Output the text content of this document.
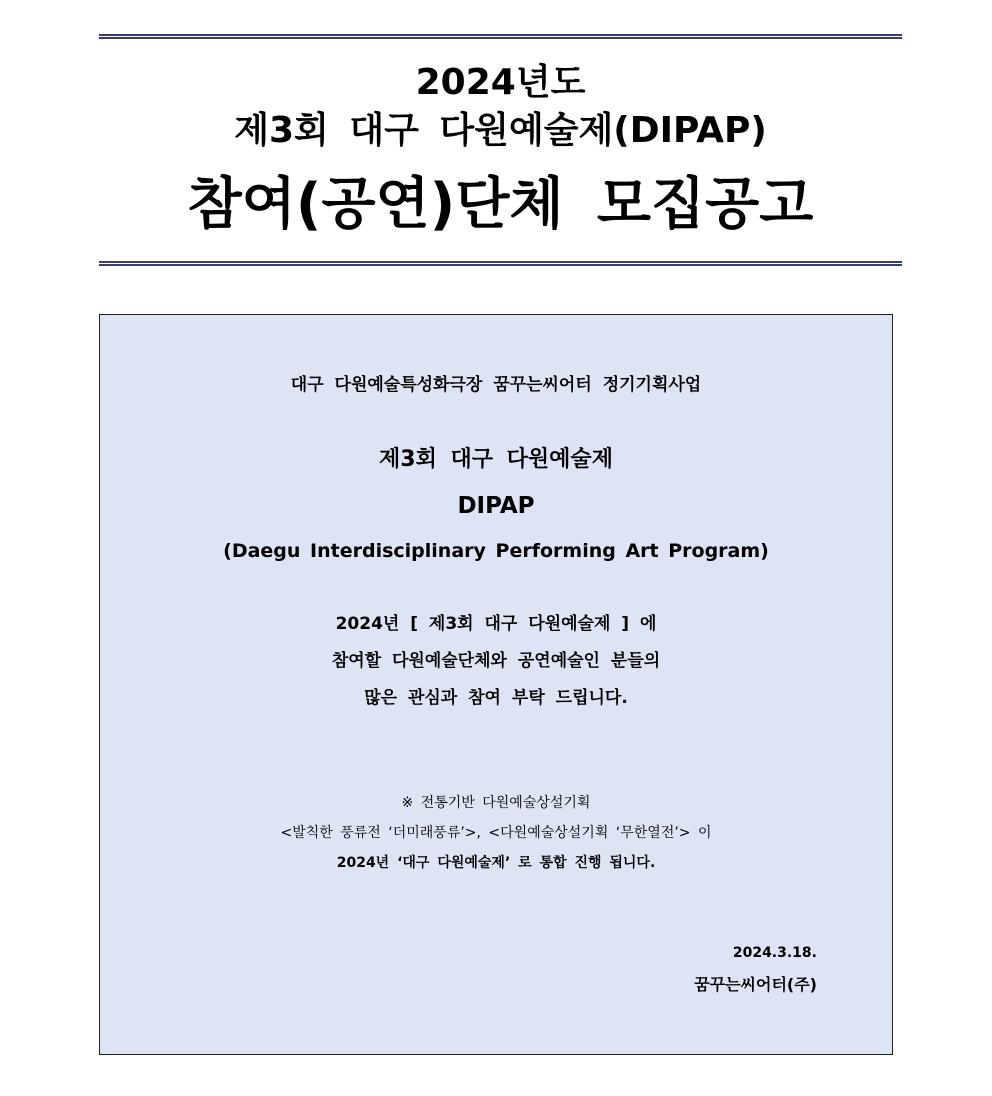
2024년도
제3회 대구 다원예술제(DIPAP)
참여(공연)단체 모집공고
대구 다원예술특성화극장 꿈꾸는씨어터 정기기획사업
제3회 대구 다원예술제
DIPAP
(Daegu Interdisciplinary Performing Art Program)
2024년 [ 제3회 대구 다원예술제 ] 에
참여할 다원예술단체와 공연예술인 분들의
많은 관심과 참여 부탁 드립니다.
※ 전통기반 다원예술상설기획
<발칙한 풍류전 ‘더미래풍류’>, <다원예술상설기획 ‘무한열전’> 이
2024년 ‘대구 다원예술제’ 로 통합 진행 됩니다.
2024.3.18.
꿈꾸는씨어터(주)
